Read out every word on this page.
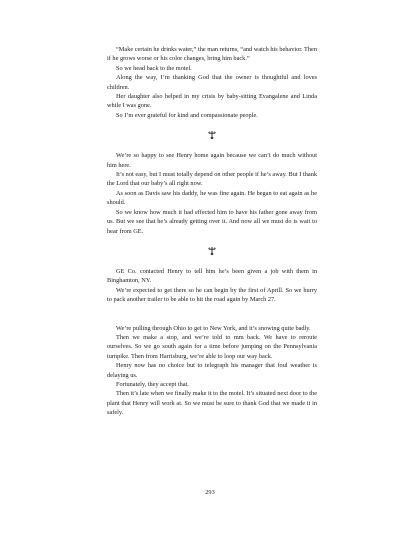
“Make certain he drinks water,” the man returns, “and watch his behavior. Then if he grows worse or his color changes, bring him back.”

So we head back to the motel.

Along the way, I’m thanking God that the owner is thoughtful and loves children.

Her daughter also helped in my crisis by baby-sitting Evangalene and Linda while I was gone.

So I’m ever grateful for kind and compassionate people.

We’re so happy to see Henry home again because we can’t do much without him here.

It’s not easy, but I must totally depend on other people if he’s away. But I thank the Lord that our baby’s all right now.

As soon as Davis saw his daddy, he was fine again. He began to eat again as he should.

So we know how much it had effected him to have his father gone away from us. But we see that he’s already getting over it. And now all we must do is wait to hear from GE.

GE Co. contacted Henry to tell him he’s been given a job with them in Binghamton, NY.

We’re expected to get there so he can begin by the first of Aprill. So we hurry to pack another trailer to be able to hit the road again by March 27.

We’re pulling through Ohio to get to New York, and it’s snowing quite badly.

Then we make a stop, and we’re told to mm back. We have to reroute ourselves. So we go south again for a time before jumping on the Pennsylvania turnpike. Then from Harrisburg, we’re able to loop our way back.

Henry now has no choice but to telegraph his manager that foul weather is delaying us.

Fortunately, they accept that.

Then it’s late when we finally make it to the motel. It’s situated next door to the plant that Henry will work at. So we must be sure to thank God that we made it in safely.

293
